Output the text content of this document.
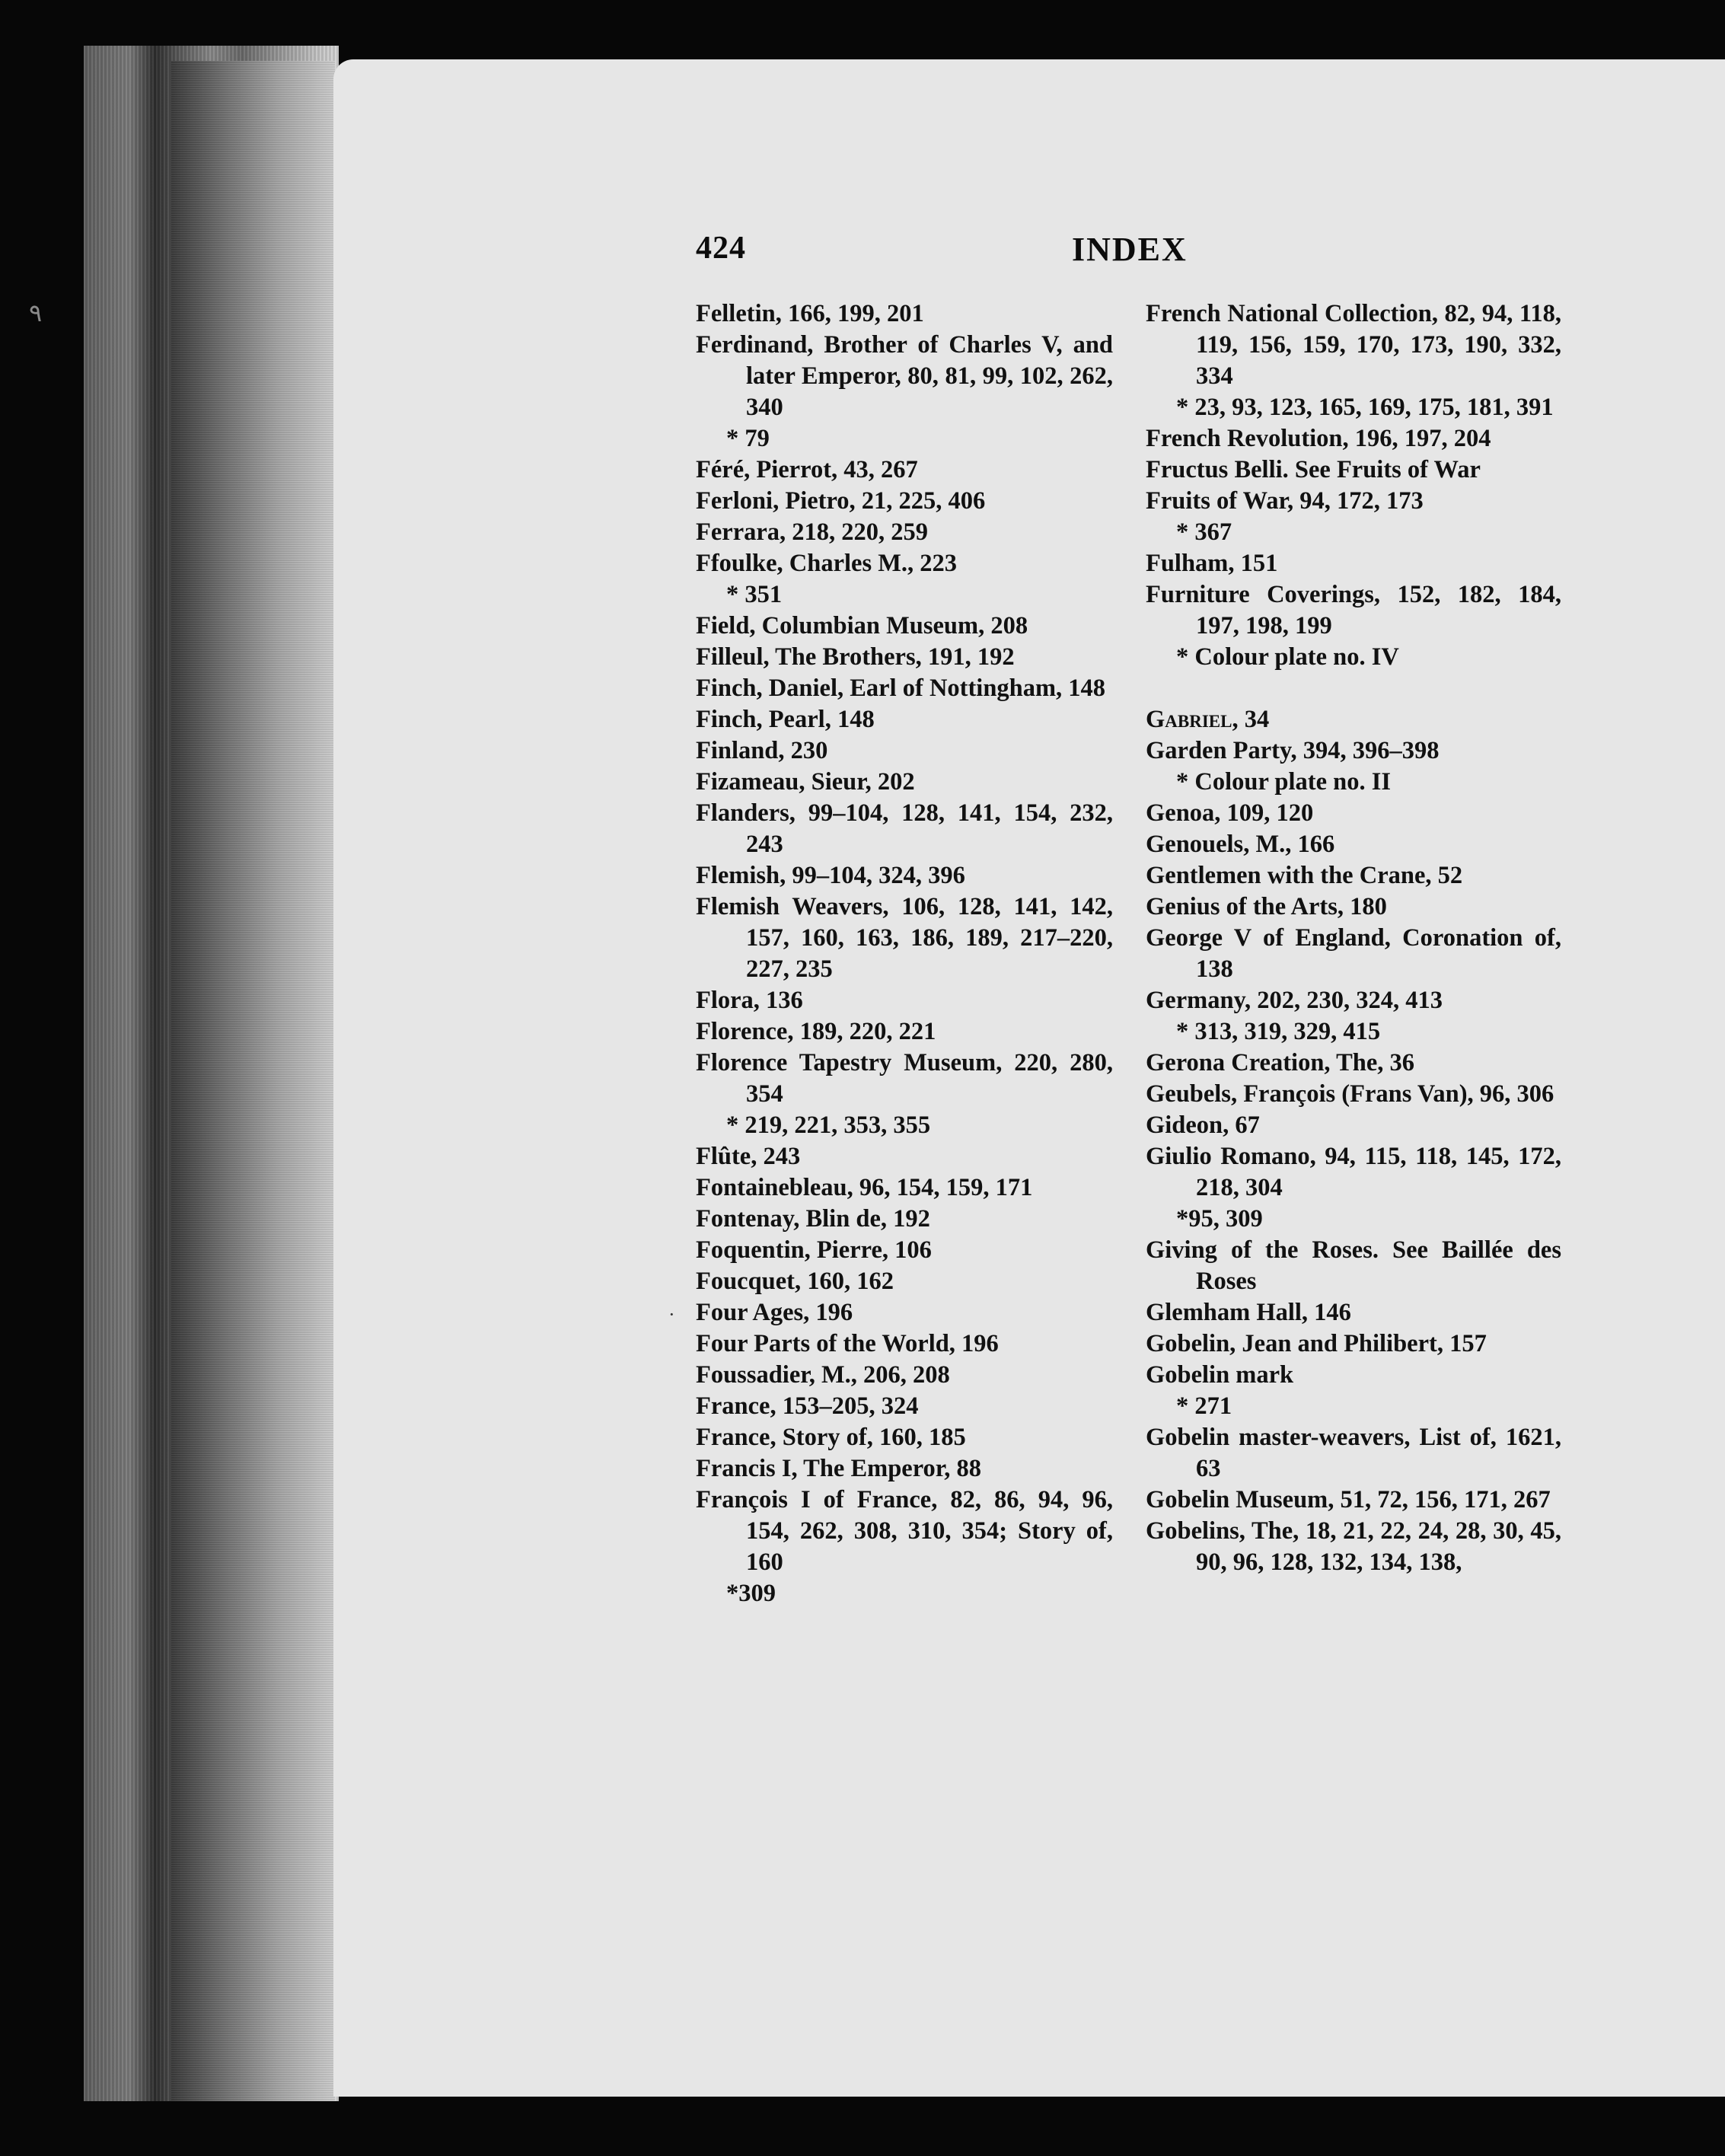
٩
424	INDEX
·

Felletin, 166, 199, 201

Ferdinand, Brother of Charles V, and later Emperor, 80, 81, 99, 102, 262, 340

* 79

Féré, Pierrot, 43, 267

Ferloni, Pietro, 21, 225, 406

Ferrara, 218, 220, 259

Ffoulke, Charles M., 223

* 351

Field, Columbian Museum, 208

Filleul, The Brothers, 191, 192

Finch, Daniel, Earl of Nottingham, 148

Finch, Pearl, 148

Finland, 230

Fizameau, Sieur, 202

Flanders, 99–104, 128, 141, 154, 232, 243

Flemish, 99–104, 324, 396

Flemish Weavers, 106, 128, 141, 142, 157, 160, 163, 186, 189, 217–220, 227, 235

Flora, 136

Florence, 189, 220, 221

Florence Tapestry Museum, 220, 280, 354

* 219, 221, 353, 355

Flûte, 243

Fontainebleau, 96, 154, 159, 171

Fontenay, Blin de, 192

Foquentin, Pierre, 106

Foucquet, 160, 162

Four Ages, 196

Four Parts of the World, 196

Foussadier, M., 206, 208

France, 153–205, 324

France, Story of, 160, 185

Francis I, The Emperor, 88

François I of France, 82, 86, 94, 96, 154, 262, 308, 310, 354; Story of, 160

*309

French National Collection, 82, 94, 118, 119, 156, 159, 170, 173, 190, 332, 334

* 23, 93, 123, 165, 169, 175, 181, 391

French Revolution, 196, 197, 204

Fructus Belli. See Fruits of War

Fruits of War, 94, 172, 173

* 367

Fulham, 151

Furniture Coverings, 152, 182, 184, 197, 198, 199

* Colour plate no. IV

Gabriel, 34

Garden Party, 394, 396–398

* Colour plate no. II

Genoa, 109, 120

Genouels, M., 166

Gentlemen with the Crane, 52

Genius of the Arts, 180

George V of England, Coronation of, 138

Germany, 202, 230, 324, 413

* 313, 319, 329, 415

Gerona Creation, The, 36

Geubels, François (Frans Van), 96, 306

Gideon, 67

Giulio Romano, 94, 115, 118, 145, 172, 218, 304

*95, 309

Giving of the Roses. See Baillée des Roses

Glemham Hall, 146

Gobelin, Jean and Philibert, 157

Gobelin mark

* 271

Gobelin master-weavers, List of, 1621, 63

Gobelin Museum, 51, 72, 156, 171, 267

Gobelins, The, 18, 21, 22, 24, 28, 30, 45, 90, 96, 128, 132, 134, 138,
